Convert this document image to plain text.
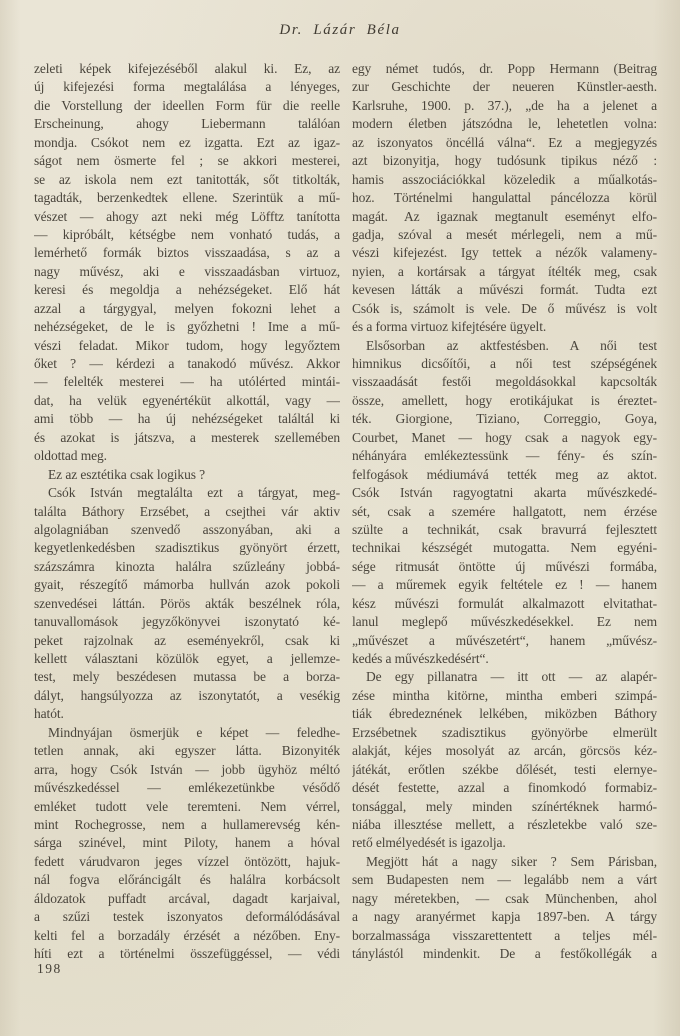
Dr. Lázár Béla
zeleti képek kifejezéséből alakul ki. Ez, az
új kifejezési forma megtalálása a lényeges,
die Vorstellung der ideellen Form für die reelle
Erscheinung, ahogy Liebermann találóan
mondja. Csókot nem ez izgatta. Ezt az igaz-
ságot nem ösmerte fel ; se akkori mesterei,
se az iskola nem ezt tanitották, sőt titkolták,
tagadták, berzenkedtek ellene. Szerintük a mű-
vészet — ahogy azt neki még Löfftz tanította
— kipróbált, kétségbe nem vonható tudás, a
lemérhető formák biztos visszaadása, s az a
nagy művész, aki e visszaadásban virtuoz,
keresi és megoldja a nehézségeket. Elő hát
azzal a tárgygyal, melyen fokozni lehet a
nehézségeket, de le is győzhetni ! Ime a mű-
vészi feladat. Mikor tudom, hogy legyőztem
őket ? — kérdezi a tanakodó művész. Akkor
— felelték mesterei — ha utólérted mintái-
dat, ha velük egyenértéküt alkottál, vagy —
ami több — ha új nehézségeket találtál ki
és azokat is játszva, a mesterek szellemében
oldottad meg.
Ez az esztétika csak logikus ?
Csók István megtalálta ezt a tárgyat, meg-
találta Báthory Erzsébet, a csejthei vár aktiv
algolagniában szenvedő asszonyában, aki a
kegyetlenkedésben szadisztikus gyönyört érzett,
százszámra kinozta halálra szűzleány jobbá-
gyait, részegítő mámorba hullván azok pokoli
szenvedései láttán. Pörös akták beszélnek róla,
tanuvallomások jegyzőkönyvei iszonytató ké-
peket rajzolnak az eseményekről, csak ki
kellett választani közülök egyet, a jellemze-
test, mely beszédesen mutassa be a borza-
dályt, hangsúlyozza az iszonytatót, a vesékig
hatót.
Mindnyájan ösmerjük e képet — feledhe-
tetlen annak, aki egyszer látta. Bizonyiték
arra, hogy Csók István — jobb ügyhöz méltó
művészkedéssel — emlékezetünkbe vésődő
emléket tudott vele teremteni. Nem vérrel,
mint Rochegrosse, nem a hullamerevség kén-
sárga szinével, mint Piloty, hanem a hóval
fedett várudvaron jeges vízzel öntözött, hajuk-
nál fogva előráncigált és halálra korbácsolt
áldozatok puffadt arcával, dagadt karjaival,
a szűzi testek iszonyatos deformálódásával
kelti fel a borzadály érzését a nézőben. Eny-
híti ezt a történelmi összefüggéssel, — védi
egy német tudós, dr. Popp Hermann (Beitrag
zur Geschichte der neueren Künstler-aesth.
Karlsruhe, 1900. p. 37.), „de ha a jelenet a
modern életben játszódna le, lehetetlen volna:
az iszonyatos öncéllá válna“. Ez a megjegyzés
azt bizonyitja, hogy tudósunk tipikus néző :
hamis asszociációkkal közeledik a műalkotás-
hoz. Történelmi hangulattal páncélozza körül
magát. Az igaznak megtanult eseményt elfo-
gadja, szóval a mesét mérlegeli, nem a mű-
vészi kifejezést. Igy tettek a nézők valameny-
nyien, a kortársak a tárgyat ítélték meg, csak
kevesen látták a művészi formát. Tudta ezt
Csók is, számolt is vele. De ő művész is volt
és a forma virtuoz kifejtésére ügyelt.
Elsősorban az aktfestésben. A női test
himnikus dicsőítői, a női test szépségének
visszaadását festői megoldásokkal kapcsolták
össze, amellett, hogy erotikájukat is éreztet-
ték. Giorgione, Tiziano, Correggio, Goya,
Courbet, Manet — hogy csak a nagyok egy-
néhányára emlékeztessünk — fény- és szín-
felfogások médiumává tették meg az aktot.
Csók István ragyogtatni akarta művészkedé-
sét, csak a szemére hallgatott, nem érzése
szülte a technikát, csak bravurrá fejlesztett
technikai készségét mutogatta. Nem egyéni-
sége ritmusát öntötte új művészi formába,
— a műremek egyik feltétele ez ! — hanem
kész művészi formulát alkalmazott elvitathat-
lanul meglepő művészkedésekkel. Ez nem
„művészet a művészetért“, hanem „művész-
kedés a művészkedésért“.
De egy pillanatra — itt ott — az alapér-
zése mintha kitörne, mintha emberi szimpá-
tiák ébredeznének lelkében, miközben Báthory
Erzsébetnek szadisztikus gyönyörbe elmerült
alakját, kéjes mosolyát az arcán, görcsös kéz-
játékát, erőtlen székbe dőlését, testi elernye-
dését festette, azzal a finomkodó formabiz-
tonsággal, mely minden színértéknek harmó-
niába illesztése mellett, a részletekbe való sze-
rető elmélyedését is igazolja.
Megjött hát a nagy siker ? Sem Párisban,
sem Budapesten nem — legalább nem a várt
nagy méretekben, — csak Münchenben, ahol
a nagy aranyérmet kapja 1897-ben. A tárgy
borzalmassága visszarettentett a teljes mél-
tánylástól mindenkit. De a festőkollégák a
198
